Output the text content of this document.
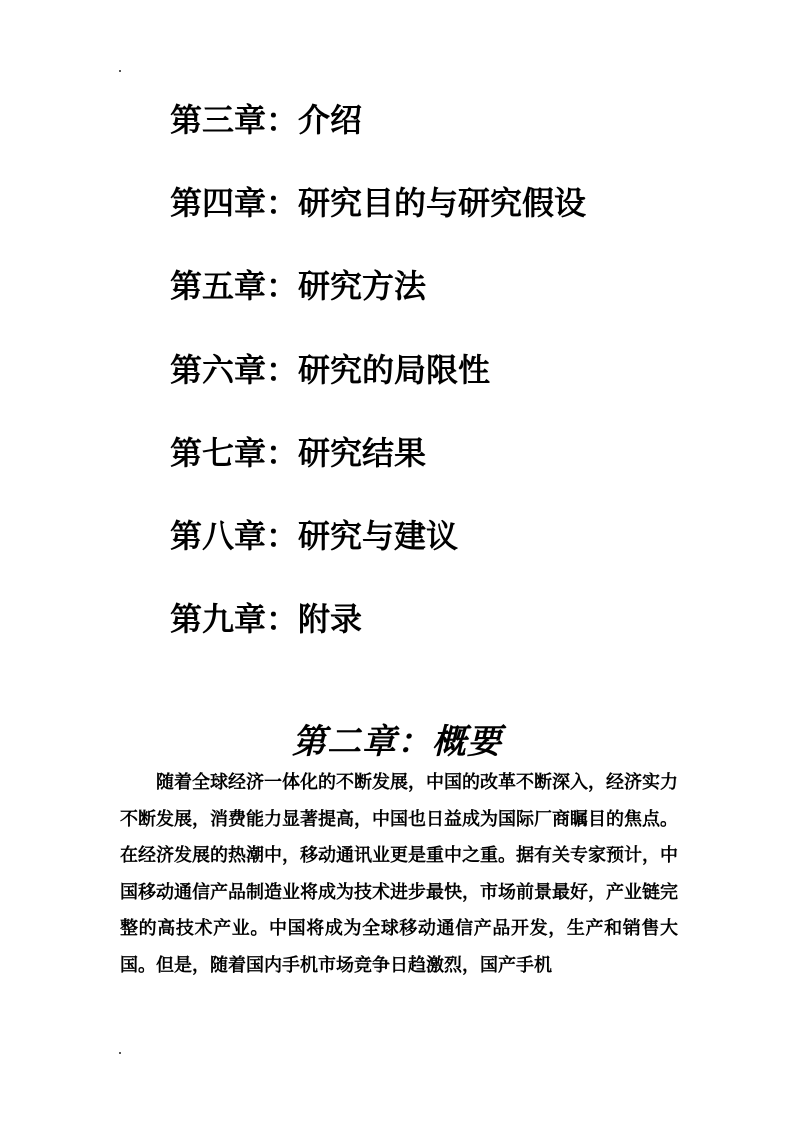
第三章：介绍
第四章：研究目的与研究假设
第五章：研究方法
第六章：研究的局限性
第七章：研究结果
第八章：研究与建议
第九章：附录
第二章：概要

随着全球经济一体化的不断发展，中国的改革不断深入，经济实力不断发展，消费能力显著提高，中国也日益成为国际厂商瞩目的焦点。在经济发展的热潮中，移动通讯业更是重中之重。据有关专家预计，中国移动通信产品制造业将成为技术进步最快，市场前景最好，产业链完整的高技术产业。中国将成为全球移动通信产品开发，生产和销售大国。但是，随着国内手机市场竞争日趋激烈，国产手机
